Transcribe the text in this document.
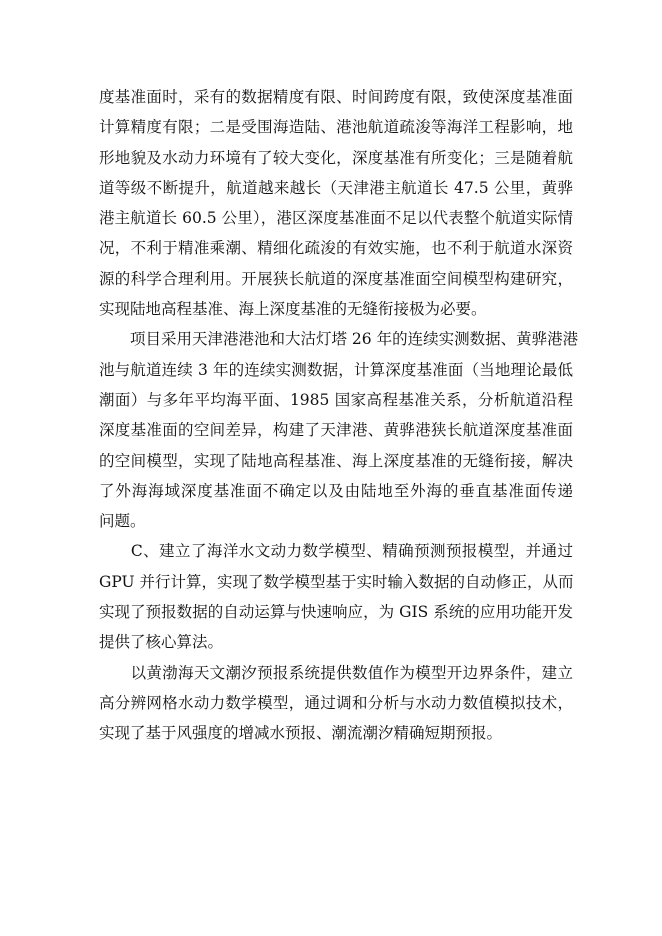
度基准面时，采有的数据精度有限、时间跨度有限，致使深度基准面
计算精度有限；二是受围海造陆、港池航道疏浚等海洋工程影响，地
形地貌及水动力环境有了较大变化，深度基准有所变化；三是随着航
道等级不断提升，航道越来越长（天津港主航道长 47.5 公里，黄骅
港主航道长 60.5 公里），港区深度基准面不足以代表整个航道实际情
况，不利于精准乘潮、精细化疏浚的有效实施，也不利于航道水深资
源的科学合理利用。开展狭长航道的深度基准面空间模型构建研究，
实现陆地高程基准、海上深度基准的无缝衔接极为必要。
　　项目采用天津港港池和大沽灯塔 26 年的连续实测数据、黄骅港港
池与航道连续 3 年的连续实测数据，计算深度基准面（当地理论最低
潮面）与多年平均海平面、1985 国家高程基准关系，分析航道沿程
深度基准面的空间差异，构建了天津港、黄骅港狭长航道深度基准面
的空间模型，实现了陆地高程基准、海上深度基准的无缝衔接，解决
了外海海域深度基准面不确定以及由陆地至外海的垂直基准面传递
问题。
　　C、建立了海洋水文动力数学模型、精确预测预报模型，并通过
GPU 并行计算，实现了数学模型基于实时输入数据的自动修正，从而
实现了预报数据的自动运算与快速响应，为 GIS 系统的应用功能开发
提供了核心算法。
　　以黄渤海天文潮汐预报系统提供数值作为模型开边界条件，建立
高分辨网格水动力数学模型，通过调和分析与水动力数值模拟技术，
实现了基于风强度的增减水预报、潮流潮汐精确短期预报。
